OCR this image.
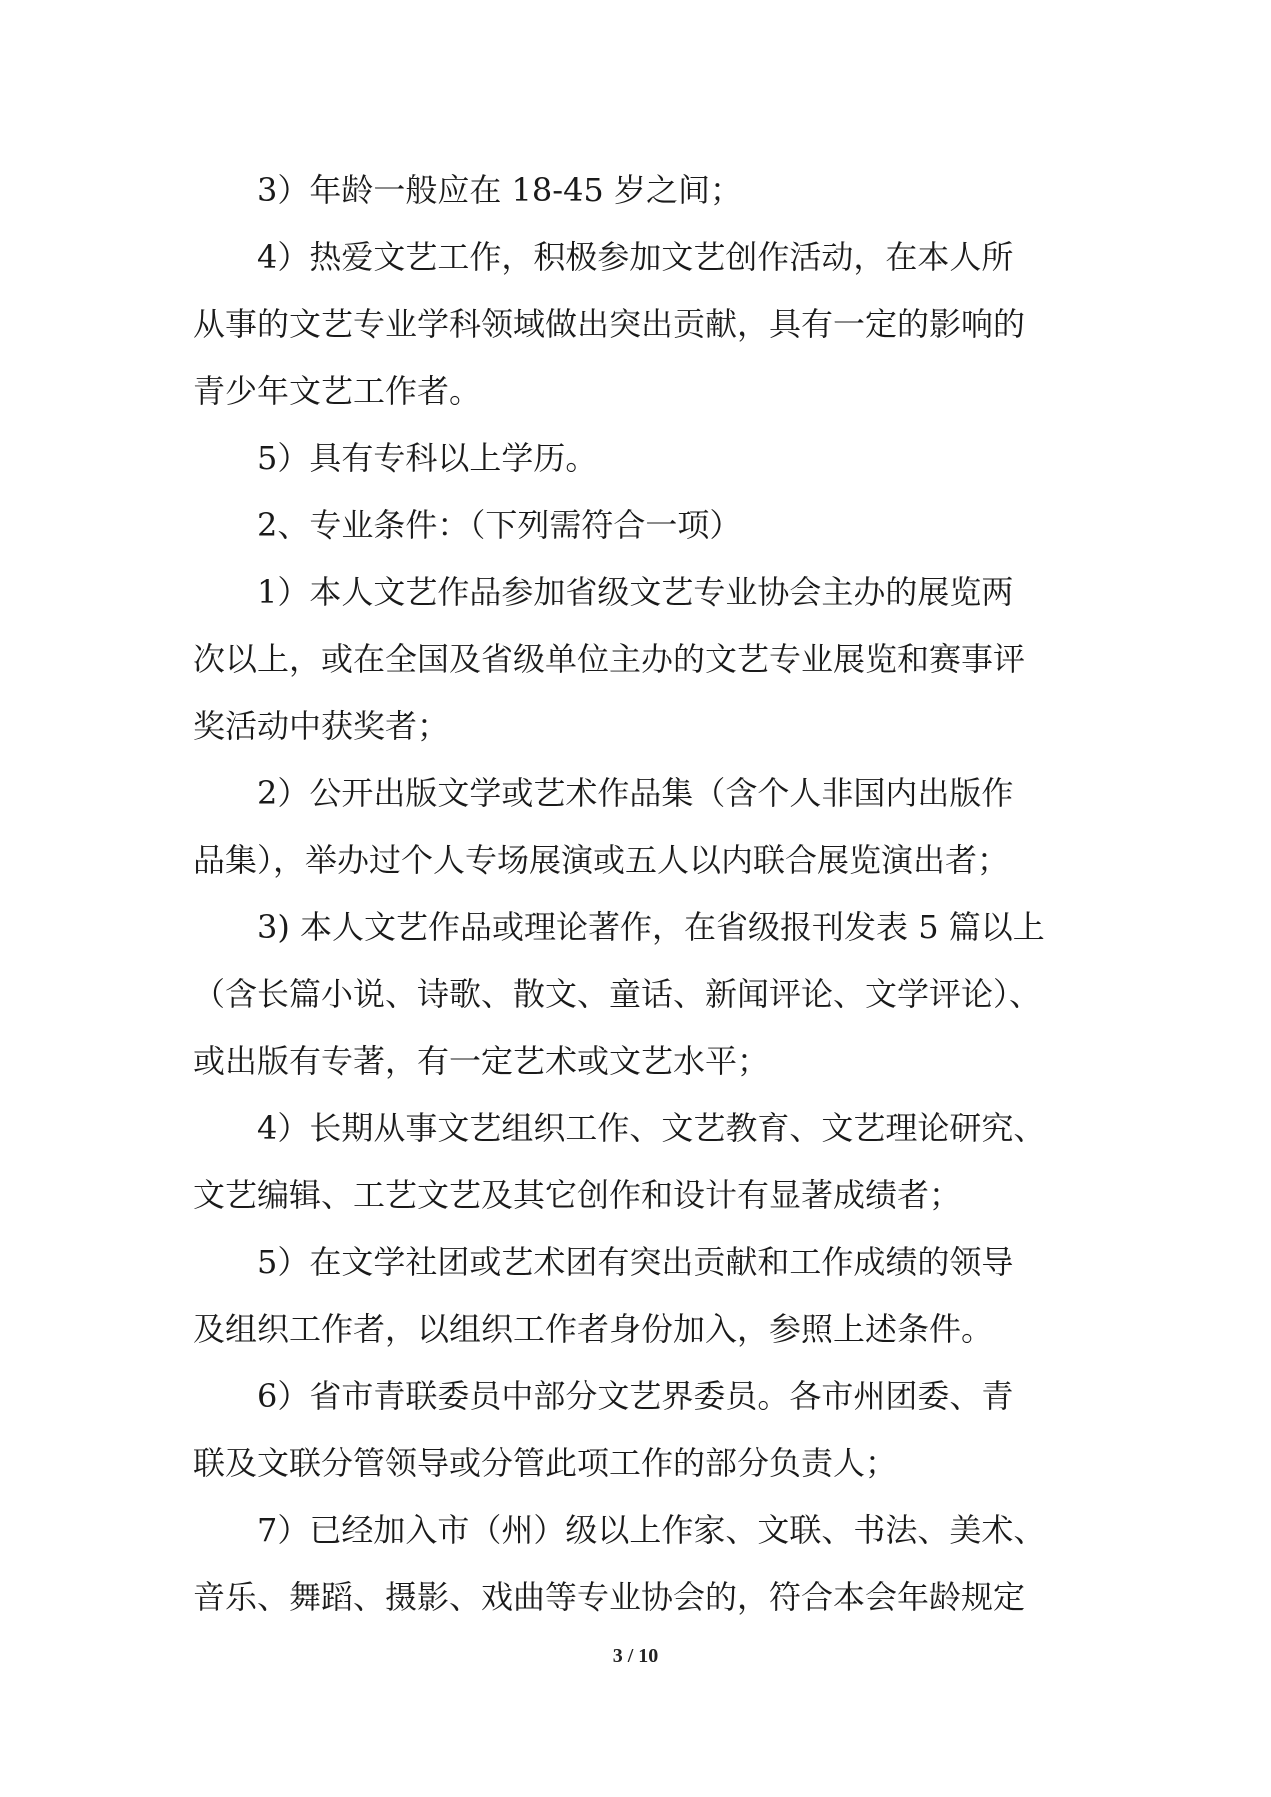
3）年龄一般应在 18-45 岁之间；

4）热爱文艺工作，积极参加文艺创作活动，在本人所

从事的文艺专业学科领域做出突出贡献，具有一定的影响的

青少年文艺工作者。

5）具有专科以上学历。

2、专业条件：（下列需符合一项）

1）本人文艺作品参加省级文艺专业协会主办的展览两

次以上，或在全国及省级单位主办的文艺专业展览和赛事评

奖活动中获奖者；

2）公开出版文学或艺术作品集（含个人非国内出版作

品集），举办过个人专场展演或五人以内联合展览演出者；

3) 本人文艺作品或理论著作，在省级报刊发表 5 篇以上

（含长篇小说、诗歌、散文、童话、新闻评论、文学评论）、

或出版有专著，有一定艺术或文艺水平；

4）长期从事文艺组织工作、文艺教育、文艺理论研究、

文艺编辑、工艺文艺及其它创作和设计有显著成绩者；

5）在文学社团或艺术团有突出贡献和工作成绩的领导

及组织工作者，以组织工作者身份加入，参照上述条件。

6）省市青联委员中部分文艺界委员。各市州团委、青

联及文联分管领导或分管此项工作的部分负责人；

7）已经加入市（州）级以上作家、文联、书法、美术、

音乐、舞蹈、摄影、戏曲等专业协会的，符合本会年龄规定

3 / 10
